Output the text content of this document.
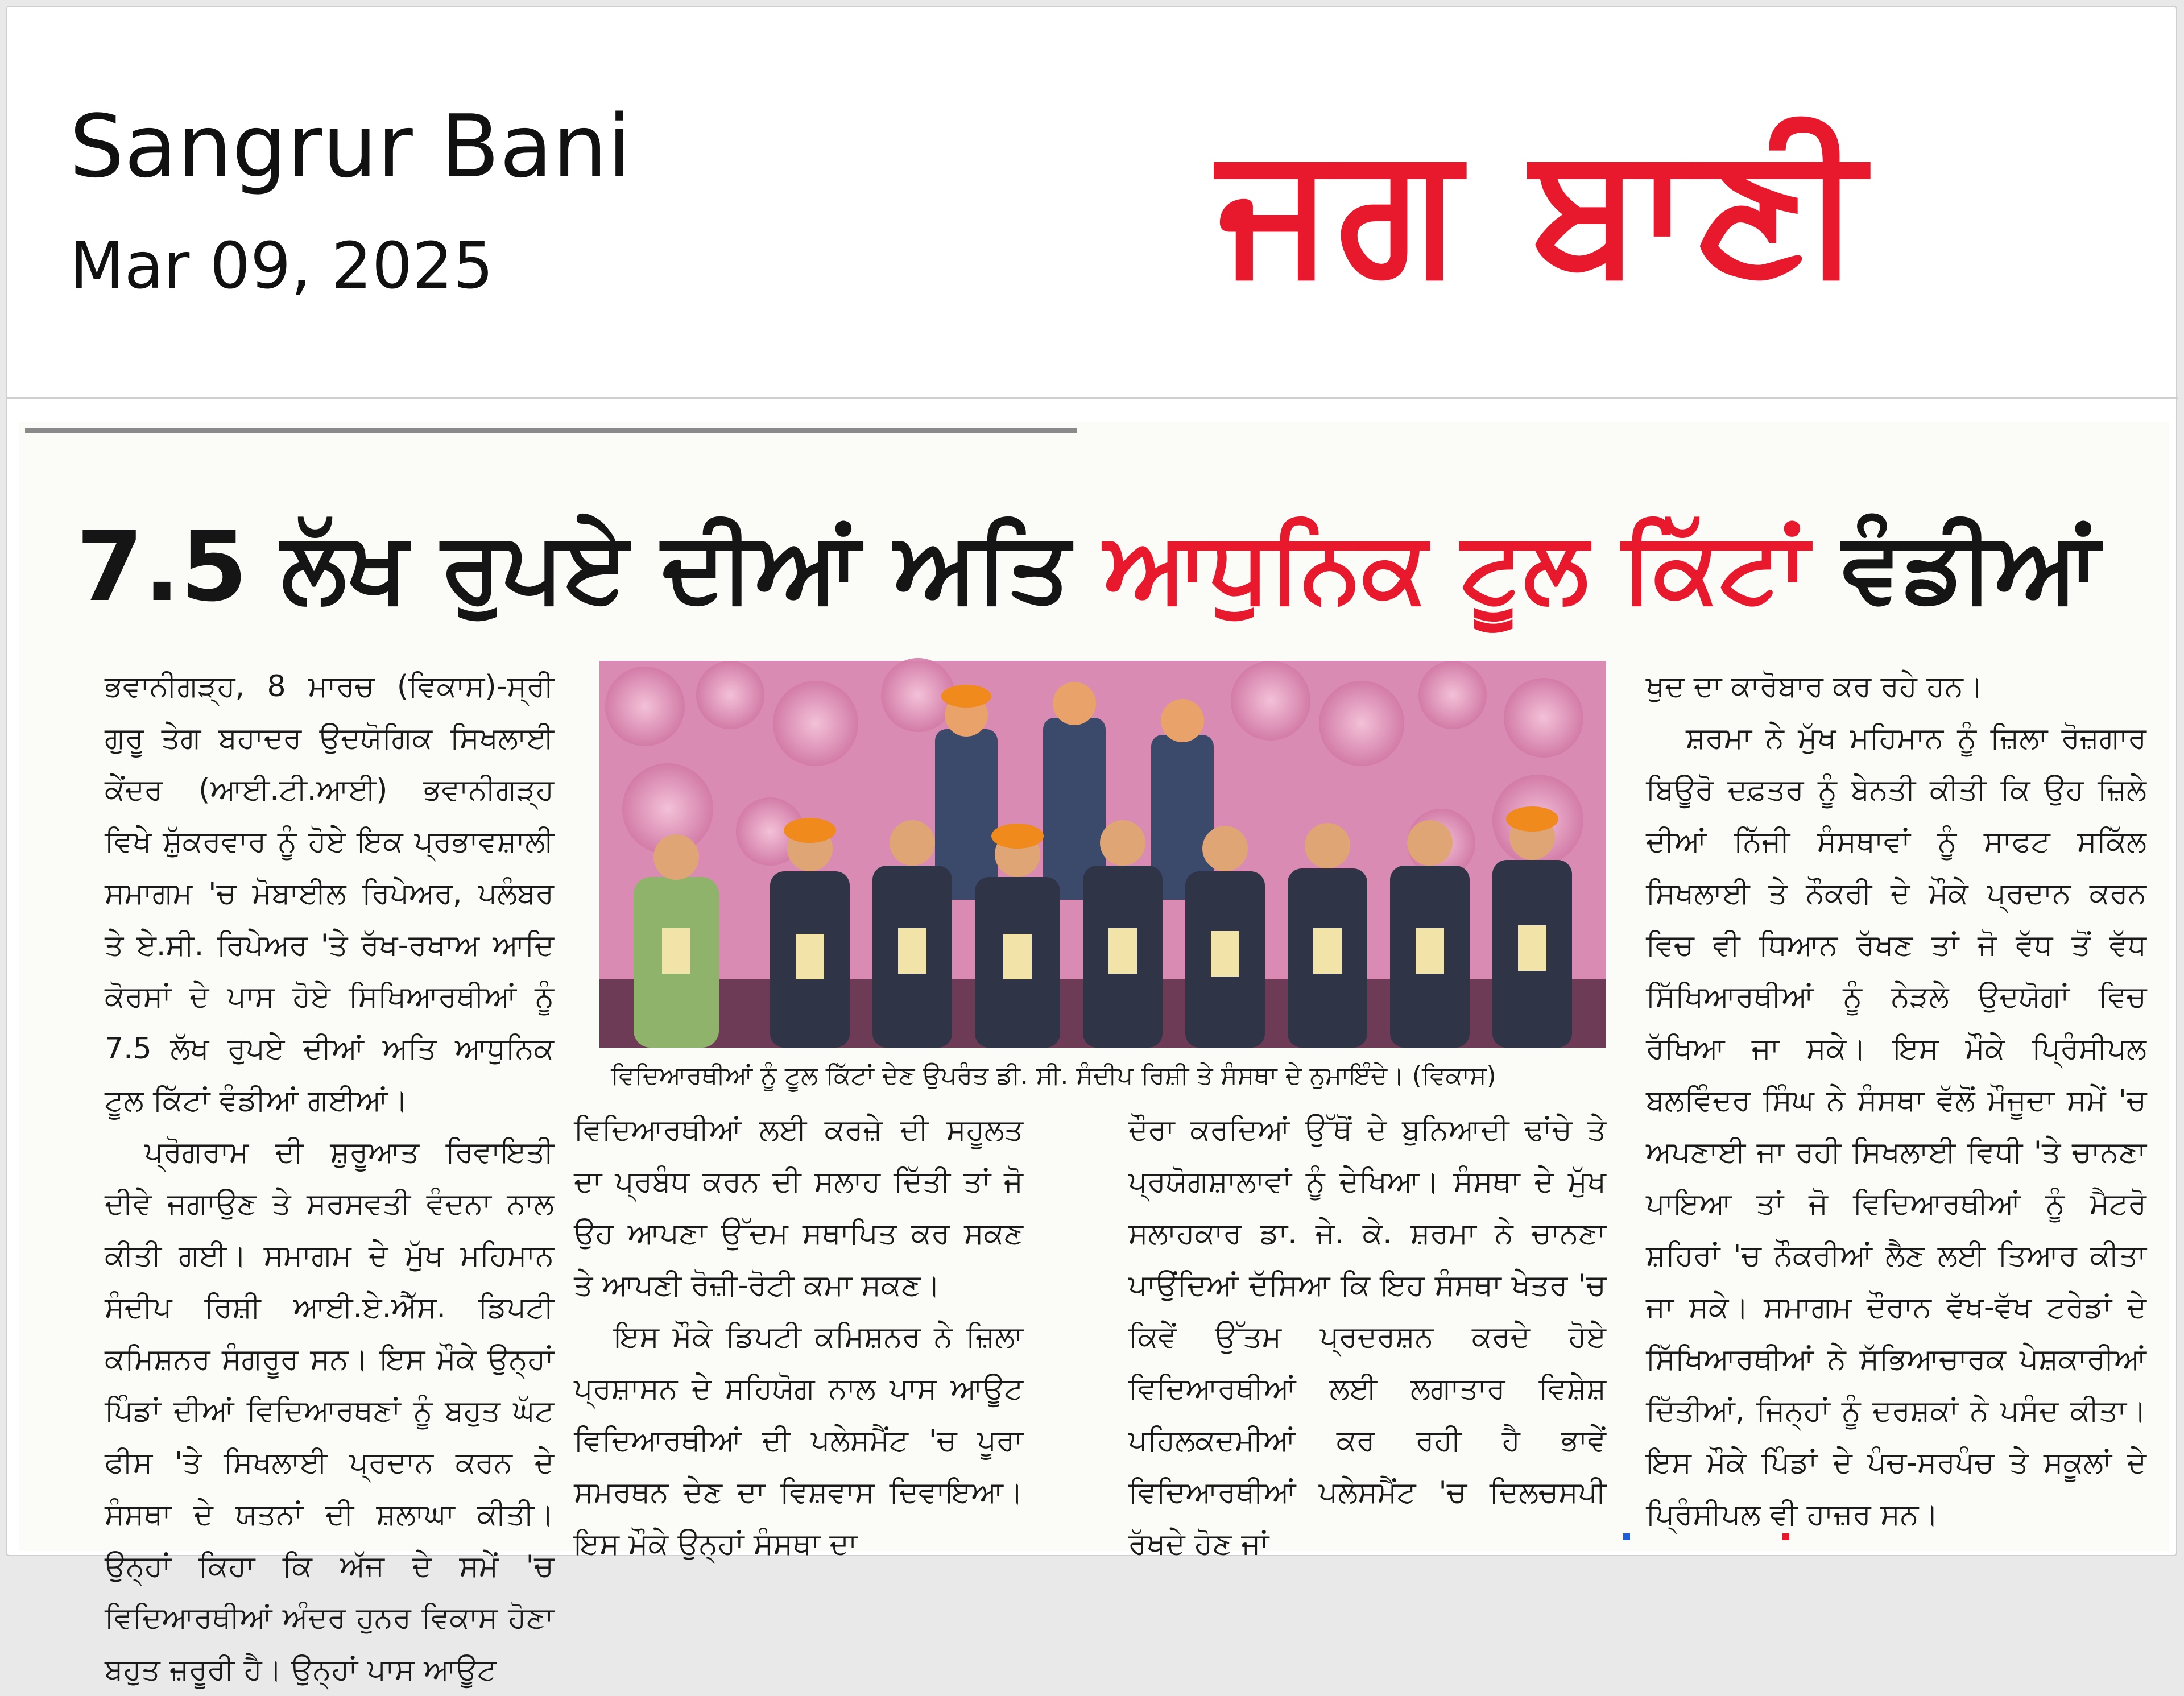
Sangrur Bani
Mar 09, 2025	ਜਗ ਬਾਣੀ
7.5 ਲੱਖ ਰੁਪਏ ਦੀਆਂ ਅਤਿ ਆਧੁਨਿਕ ਟੂਲ ਕਿੱਟਾਂ ਵੰਡੀਆਂ

ਭਵਾਨੀਗੜ੍ਹ, 8 ਮਾਰਚ (ਵਿਕਾਸ)-ਸ੍ਰੀ ਗੁਰੂ ਤੇਗ ਬਹਾਦਰ ਉਦਯੋਗਿਕ ਸਿਖਲਾਈ ਕੇਂਦਰ (ਆਈ.ਟੀ.ਆਈ) ਭਵਾਨੀਗੜ੍ਹ ਵਿਖੇ ਸ਼ੁੱਕਰਵਾਰ ਨੂੰ ਹੋਏ ਇਕ ਪ੍ਰਭਾਵਸ਼ਾਲੀ ਸਮਾਗਮ 'ਚ ਮੋਬਾਈਲ ਰਿਪੇਅਰ, ਪਲੰਬਰ ਤੇ ਏ.ਸੀ. ਰਿਪੇਅਰ 'ਤੇ ਰੱਖ-ਰਖਾਅ ਆਦਿ ਕੋਰਸਾਂ ਦੇ ਪਾਸ ਹੋਏ ਸਿਖਿਆਰਥੀਆਂ ਨੂੰ 7.5 ਲੱਖ ਰੁਪਏ ਦੀਆਂ ਅਤਿ ਆਧੁਨਿਕ ਟੂਲ ਕਿੱਟਾਂ ਵੰਡੀਆਂ ਗਈਆਂ।

ਪ੍ਰੋਗਰਾਮ ਦੀ ਸ਼ੁਰੂਆਤ ਰਿਵਾਇਤੀ ਦੀਵੇ ਜਗਾਉਣ ਤੇ ਸਰਸਵਤੀ ਵੰਦਨਾ ਨਾਲ ਕੀਤੀ ਗਈ। ਸਮਾਗਮ ਦੇ ਮੁੱਖ ਮਹਿਮਾਨ ਸੰਦੀਪ ਰਿਸ਼ੀ ਆਈ.ਏ.ਐੱਸ. ਡਿਪਟੀ ਕਮਿਸ਼ਨਰ ਸੰਗਰੂਰ ਸਨ। ਇਸ ਮੌਕੇ ਉਨ੍ਹਾਂ ਪਿੰਡਾਂ ਦੀਆਂ ਵਿਦਿਆਰਥਣਾਂ ਨੂੰ ਬਹੁਤ ਘੱਟ ਫੀਸ 'ਤੇ ਸਿਖਲਾਈ ਪ੍ਰਦਾਨ ਕਰਨ ਦੇ ਸੰਸਥਾ ਦੇ ਯਤਨਾਂ ਦੀ ਸ਼ਲਾਘਾ ਕੀਤੀ। ਉਨ੍ਹਾਂ ਕਿਹਾ ਕਿ ਅੱਜ ਦੇ ਸਮੇਂ 'ਚ ਵਿਦਿਆਰਥੀਆਂ ਅੰਦਰ ਹੁਨਰ ਵਿਕਾਸ ਹੋਣਾ ਬਹੁਤ ਜ਼ਰੂਰੀ ਹੈ। ਉਨ੍ਹਾਂ ਪਾਸ ਆਊਟ

ਵਿਦਿਆਰਥੀਆਂ ਨੂੰ ਟੂਲ ਕਿੱਟਾਂ ਦੇਣ ਉਪਰੰਤ ਡੀ. ਸੀ. ਸੰਦੀਪ ਰਿਸ਼ੀ ਤੇ ਸੰਸਥਾ ਦੇ ਨੁਮਾਇੰਦੇ। (ਵਿਕਾਸ)

ਵਿਦਿਆਰਥੀਆਂ ਲਈ ਕਰਜ਼ੇ ਦੀ ਸਹੂਲਤ ਦਾ ਪ੍ਰਬੰਧ ਕਰਨ ਦੀ ਸਲਾਹ ਦਿੱਤੀ ਤਾਂ ਜੋ ਉਹ ਆਪਣਾ ਉੱਦਮ ਸਥਾਪਿਤ ਕਰ ਸਕਣ ਤੇ ਆਪਣੀ ਰੋਜ਼ੀ-ਰੋਟੀ ਕਮਾ ਸਕਣ।

ਇਸ ਮੌਕੇ ਡਿਪਟੀ ਕਮਿਸ਼ਨਰ ਨੇ ਜ਼ਿਲਾ ਪ੍ਰਸ਼ਾਸਨ ਦੇ ਸਹਿਯੋਗ ਨਾਲ ਪਾਸ ਆਊਟ ਵਿਦਿਆਰਥੀਆਂ ਦੀ ਪਲੇਸਮੈਂਟ 'ਚ ਪੂਰਾ ਸਮਰਥਨ ਦੇਣ ਦਾ ਵਿਸ਼ਵਾਸ ਦਿਵਾਇਆ। ਇਸ ਮੌਕੇ ਉਨ੍ਹਾਂ ਸੰਸਥਾ ਦਾ

ਦੌਰਾ ਕਰਦਿਆਂ ਉੱਥੋਂ ਦੇ ਬੁਨਿਆਦੀ ਢਾਂਚੇ ਤੇ ਪ੍ਰਯੋਗਸ਼ਾਲਾਵਾਂ ਨੂੰ ਦੇਖਿਆ। ਸੰਸਥਾ ਦੇ ਮੁੱਖ ਸਲਾਹਕਾਰ ਡਾ. ਜੇ. ਕੇ. ਸ਼ਰਮਾ ਨੇ ਚਾਨਣਾ ਪਾਉਂਦਿਆਂ ਦੱਸਿਆ ਕਿ ਇਹ ਸੰਸਥਾ ਖੇਤਰ 'ਚ ਕਿਵੇਂ ਉੱਤਮ ਪ੍ਰਦਰਸ਼ਨ ਕਰਦੇ ਹੋਏ ਵਿਦਿਆਰਥੀਆਂ ਲਈ ਲਗਾਤਾਰ ਵਿਸ਼ੇਸ਼ ਪਹਿਲਕਦਮੀਆਂ ਕਰ ਰਹੀ ਹੈ ਭਾਵੇਂ ਵਿਦਿਆਰਥੀਆਂ ਪਲੇਸਮੈਂਟ 'ਚ ਦਿਲਚਸਪੀ ਰੱਖਦੇ ਹੋਣ ਜਾਂ

ਖੁਦ ਦਾ ਕਾਰੋਬਾਰ ਕਰ ਰਹੇ ਹਨ।

ਸ਼ਰਮਾ ਨੇ ਮੁੱਖ ਮਹਿਮਾਨ ਨੂੰ ਜ਼ਿਲਾ ਰੋਜ਼ਗਾਰ ਬਿਊਰੋ ਦਫ਼ਤਰ ਨੂੰ ਬੇਨਤੀ ਕੀਤੀ ਕਿ ਉਹ ਜ਼ਿਲੇ ਦੀਆਂ ਨਿੱਜੀ ਸੰਸਥਾਵਾਂ ਨੂੰ ਸਾਫਟ ਸਕਿੱਲ ਸਿਖਲਾਈ ਤੇ ਨੌਕਰੀ ਦੇ ਮੌਕੇ ਪ੍ਰਦਾਨ ਕਰਨ ਵਿਚ ਵੀ ਧਿਆਨ ਰੱਖਣ ਤਾਂ ਜੋ ਵੱਧ ਤੋਂ ਵੱਧ ਸਿੱਖਿਆਰਥੀਆਂ ਨੂੰ ਨੇੜਲੇ ਉਦਯੋਗਾਂ ਵਿਚ ਰੱਖਿਆ ਜਾ ਸਕੇ। ਇਸ ਮੌਕੇ ਪ੍ਰਿੰਸੀਪਲ ਬਲਵਿੰਦਰ ਸਿੰਘ ਨੇ ਸੰਸਥਾ ਵੱਲੋਂ ਮੌਜੂਦਾ ਸਮੇਂ 'ਚ ਅਪਣਾਈ ਜਾ ਰਹੀ ਸਿਖਲਾਈ ਵਿਧੀ 'ਤੇ ਚਾਨਣਾ ਪਾਇਆ ਤਾਂ ਜੋ ਵਿਦਿਆਰਥੀਆਂ ਨੂੰ ਮੈਟਰੋ ਸ਼ਹਿਰਾਂ 'ਚ ਨੌਕਰੀਆਂ ਲੈਣ ਲਈ ਤਿਆਰ ਕੀਤਾ ਜਾ ਸਕੇ। ਸਮਾਗਮ ਦੌਰਾਨ ਵੱਖ-ਵੱਖ ਟਰੇਡਾਂ ਦੇ ਸਿੱਖਿਆਰਥੀਆਂ ਨੇ ਸੱਭਿਆਚਾਰਕ ਪੇਸ਼ਕਾਰੀਆਂ ਦਿੱਤੀਆਂ, ਜਿਨ੍ਹਾਂ ਨੂੰ ਦਰਸ਼ਕਾਂ ਨੇ ਪਸੰਦ ਕੀਤਾ। ਇਸ ਮੌਕੇ ਪਿੰਡਾਂ ਦੇ ਪੰਚ-ਸਰਪੰਚ ਤੇ ਸਕੂਲਾਂ ਦੇ ਪ੍ਰਿੰਸੀਪਲ ਵੀ ਹਾਜ਼ਰ ਸਨ।
